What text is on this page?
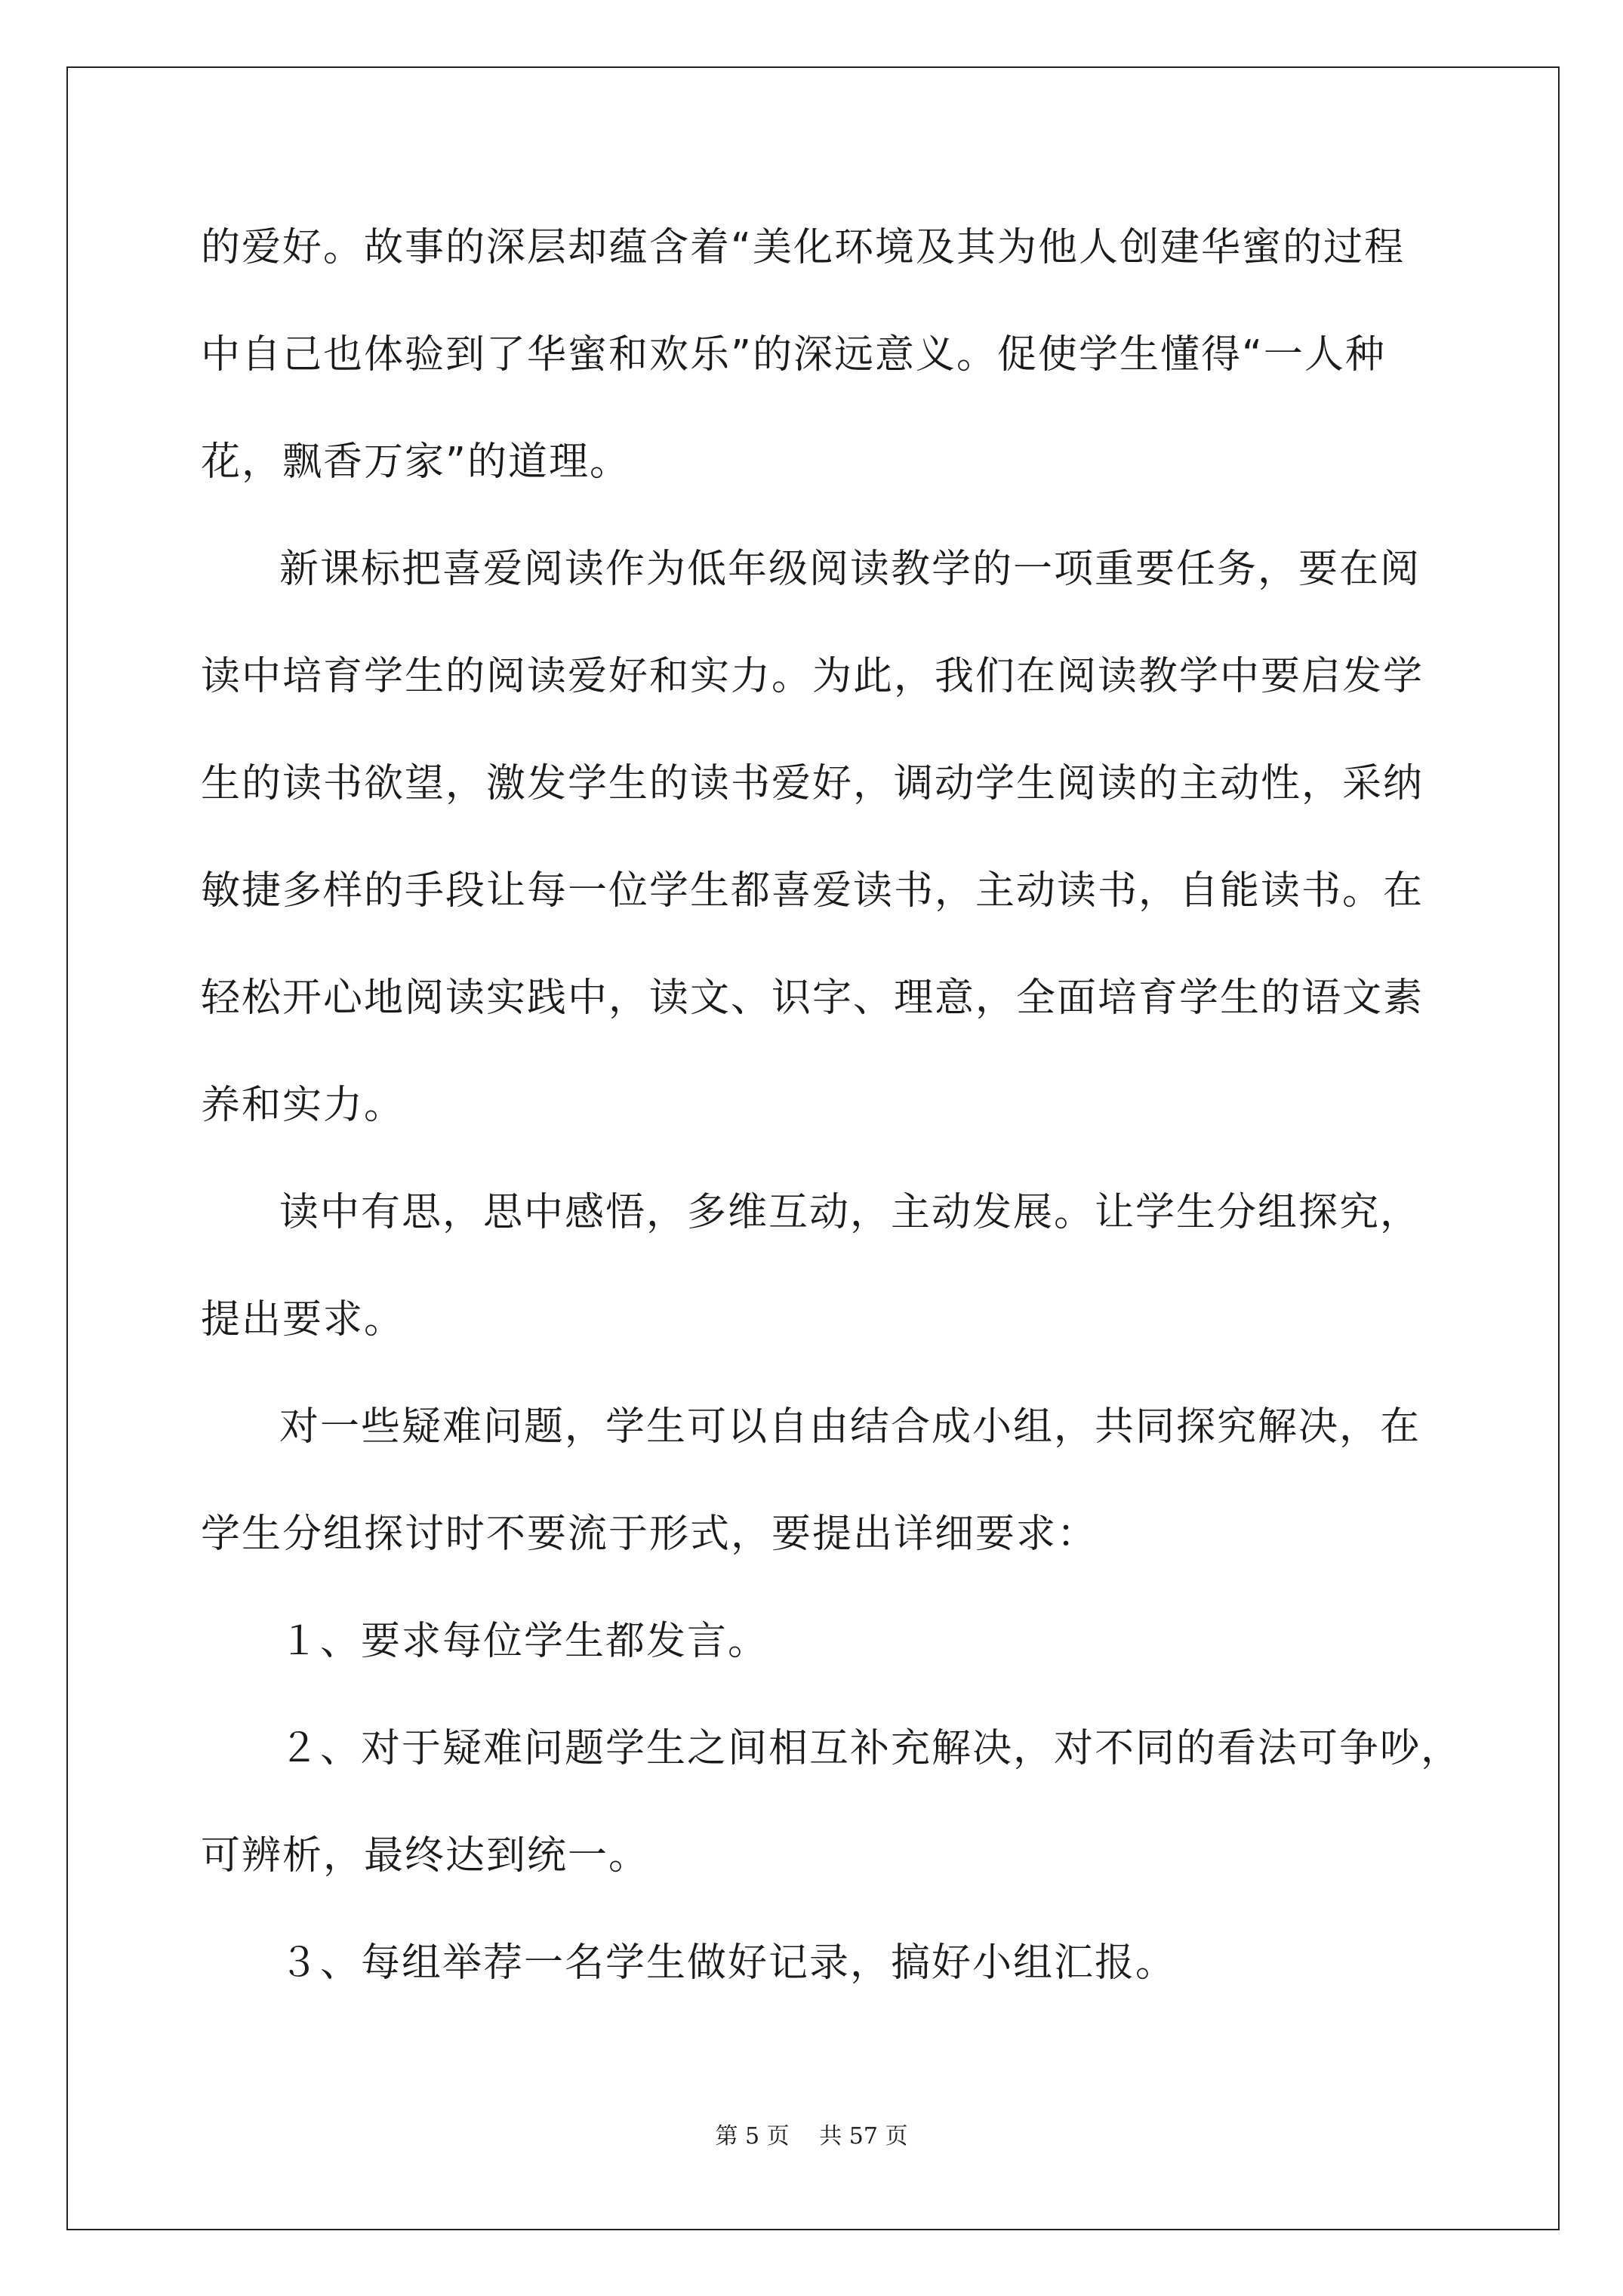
的爱好。故事的深层却蕴含着“美化环境及其为他人创建华蜜的过程
中自己也体验到了华蜜和欢乐”的深远意义。促使学生懂得“一人种
花，飘香万家”的道理。
新课标把喜爱阅读作为低年级阅读教学的一项重要任务，要在阅
读中培育学生的阅读爱好和实力。为此，我们在阅读教学中要启发学
生的读书欲望，激发学生的读书爱好，调动学生阅读的主动性，采纳
敏捷多样的手段让每一位学生都喜爱读书，主动读书，自能读书。在
轻松开心地阅读实践中，读文、识字、理意，全面培育学生的语文素
养和实力。
读中有思，思中感悟，多维互动，主动发展。让学生分组探究，
提出要求。
对一些疑难问题，学生可以自由结合成小组，共同探究解决，在
学生分组探讨时不要流于形式，要提出详细要求：
１、要求每位学生都发言。
２、对于疑难问题学生之间相互补充解决，对不同的看法可争吵，
可辨析，最终达到统一。
３、每组举荐一名学生做好记录，搞好小组汇报。
第 5 页　 共 57 页
